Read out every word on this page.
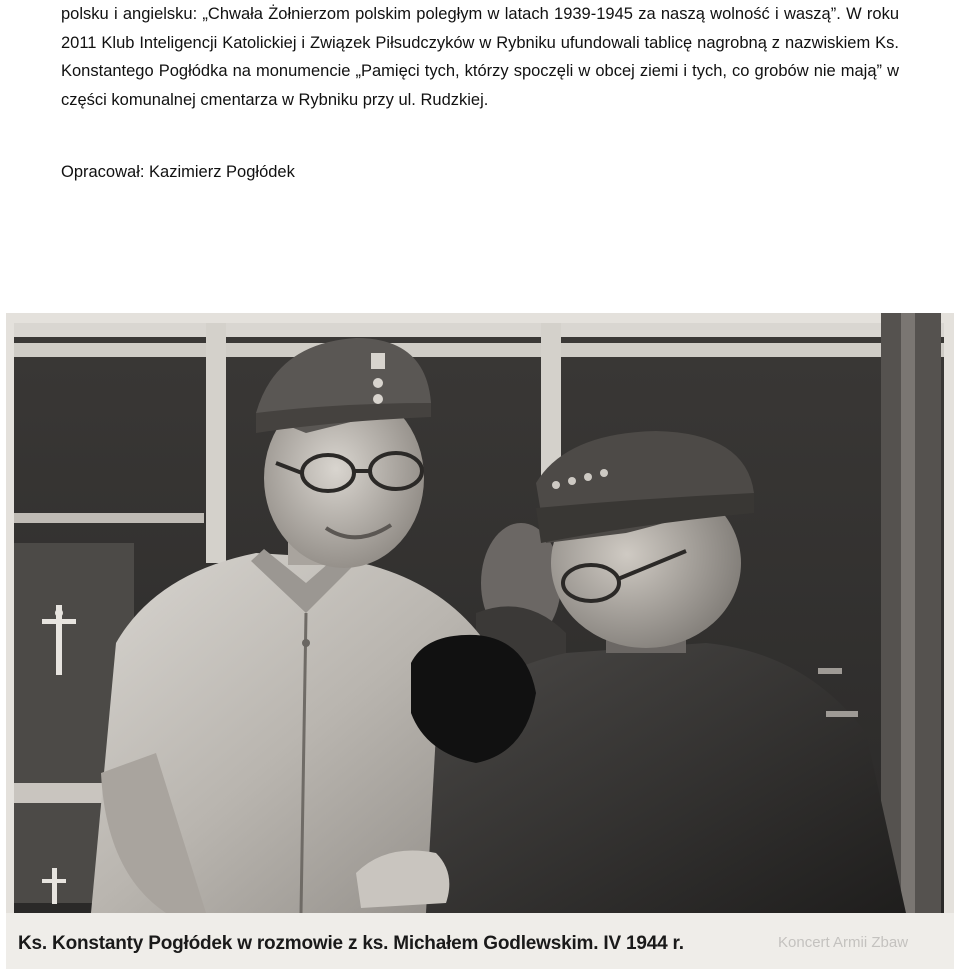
polsku i angielsku: „Chwała Żołnierzom polskim poległym w latach 1939-1945 za naszą wolność i waszą”. W roku 2011 Klub Inteligencji Katolickiej i Związek Piłsudczyków w Rybniku ufundowali tablicę nagrobną z nazwiskiem Ks. Konstantego Pogłódka na monumencie „Pamięci tych, którzy spoczęli w obcej ziemi i tych, co grobów nie mają” w części komunalnej cmentarza w Rybniku przy ul. Rudzkiej.

Opracował: Kazimierz Pogłódek
Koncert Armii Zbaw
Ks. Konstanty Pogłódek w rozmowie z ks. Michałem Godlewskim. IV 1944 r.
